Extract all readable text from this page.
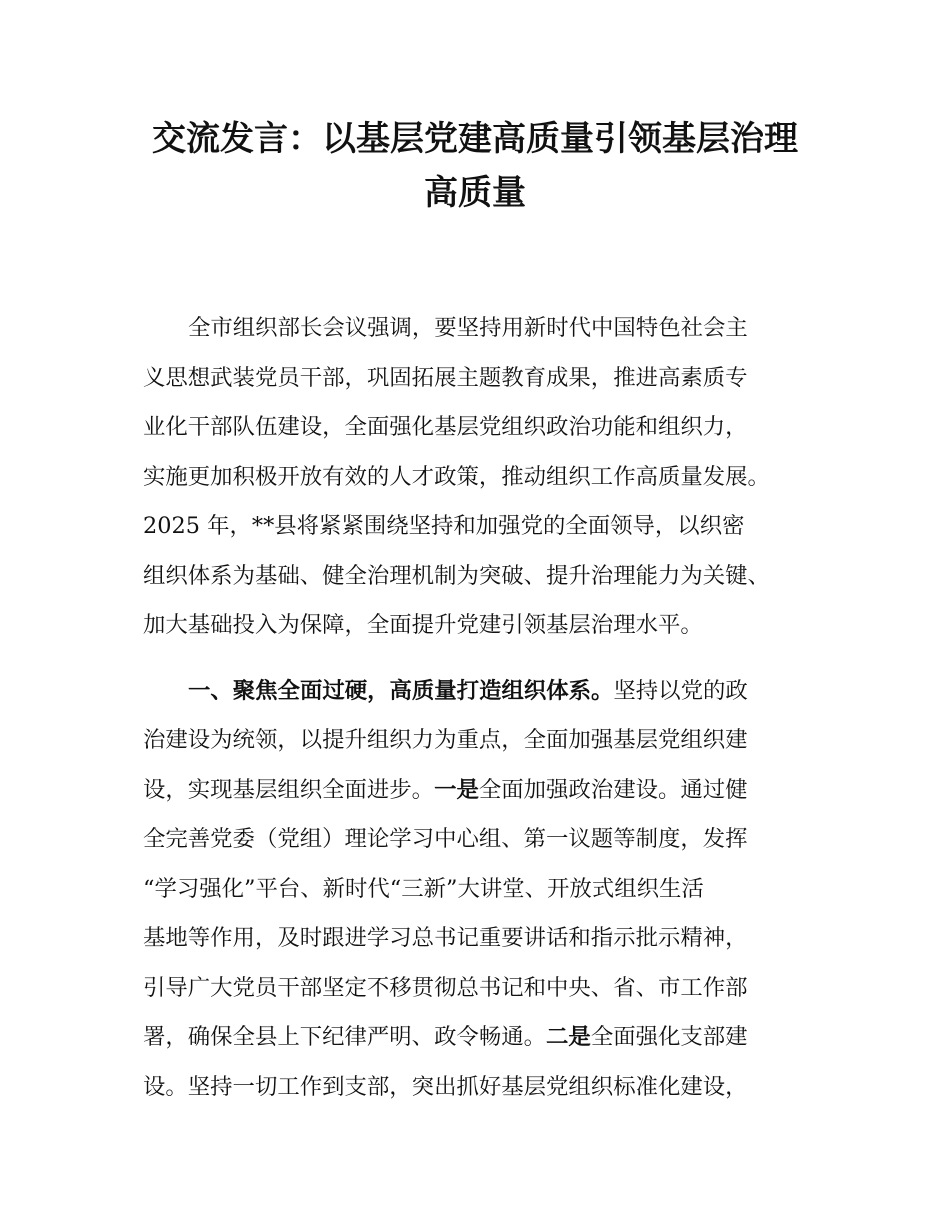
交流发言：以基层党建高质量引领基层治理
高质量
全市组织部长会议强调，要坚持用新时代中国特色社会主
义思想武装党员干部，巩固拓展主题教育成果，推进高素质专
业化干部队伍建设，全面强化基层党组织政治功能和组织力，
实施更加积极开放有效的人才政策，推动组织工作高质量发展。
2025 年，**县将紧紧围绕坚持和加强党的全面领导，以织密
组织体系为基础、健全治理机制为突破、提升治理能力为关键、
加大基础投入为保障，全面提升党建引领基层治理水平。
一、聚焦全面过硬，高质量打造组织体系。坚持以党的政
治建设为统领，以提升组织力为重点，全面加强基层党组织建
设，实现基层组织全面进步。一是全面加强政治建设。通过健
全完善党委（党组）理论学习中心组、第一议题等制度，发挥
“学习强化”平台、新时代“三新”大讲堂、开放式组织生活
基地等作用，及时跟进学习总书记重要讲话和指示批示精神，
引导广大党员干部坚定不移贯彻总书记和中央、省、市工作部
署，确保全县上下纪律严明、政令畅通。二是全面强化支部建
设。坚持一切工作到支部，突出抓好基层党组织标准化建设，
